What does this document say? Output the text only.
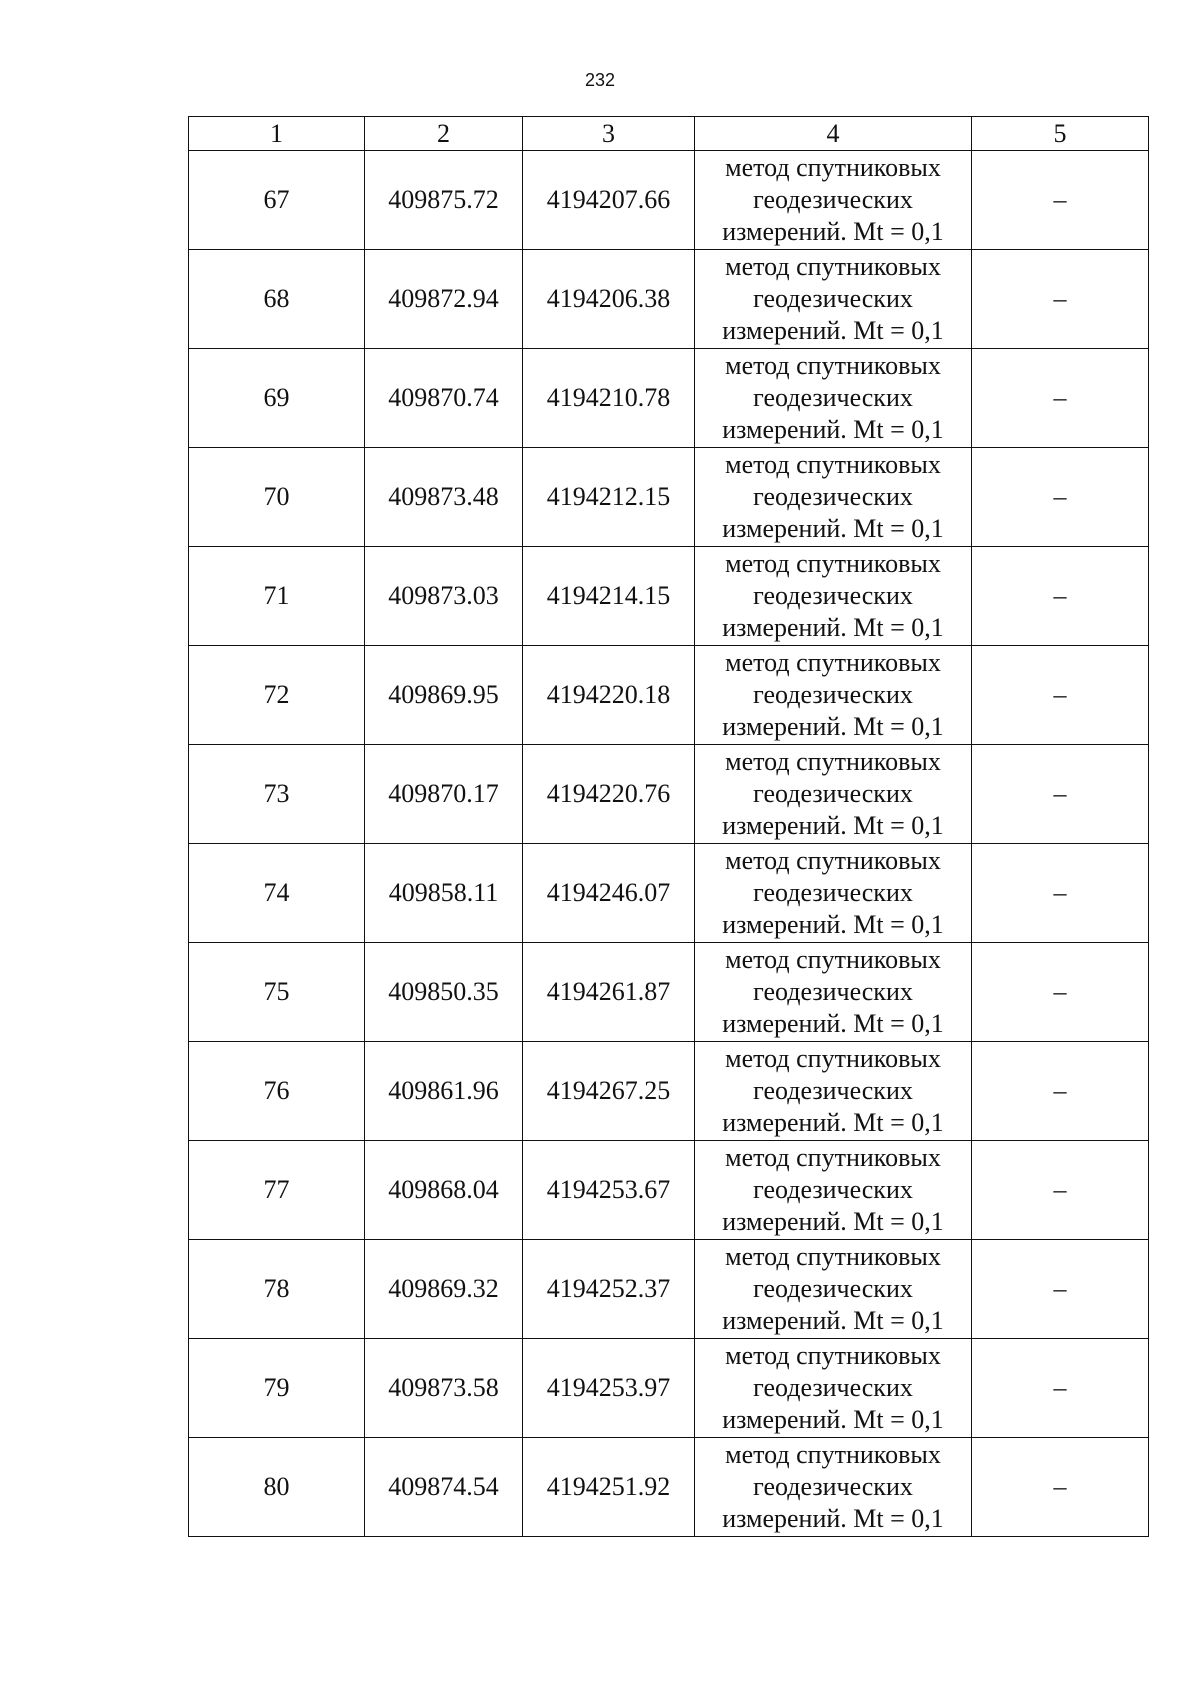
232
1	2	3	4	5
67	409875.72	4194207.66	метод спутниковых
геодезических
измерений. Mt = 0,1	–
68	409872.94	4194206.38	метод спутниковых
геодезических
измерений. Mt = 0,1	–
69	409870.74	4194210.78	метод спутниковых
геодезических
измерений. Mt = 0,1	–
70	409873.48	4194212.15	метод спутниковых
геодезических
измерений. Mt = 0,1	–
71	409873.03	4194214.15	метод спутниковых
геодезических
измерений. Mt = 0,1	–
72	409869.95	4194220.18	метод спутниковых
геодезических
измерений. Mt = 0,1	–
73	409870.17	4194220.76	метод спутниковых
геодезических
измерений. Mt = 0,1	–
74	409858.11	4194246.07	метод спутниковых
геодезических
измерений. Mt = 0,1	–
75	409850.35	4194261.87	метод спутниковых
геодезических
измерений. Mt = 0,1	–
76	409861.96	4194267.25	метод спутниковых
геодезических
измерений. Mt = 0,1	–
77	409868.04	4194253.67	метод спутниковых
геодезических
измерений. Mt = 0,1	–
78	409869.32	4194252.37	метод спутниковых
геодезических
измерений. Mt = 0,1	–
79	409873.58	4194253.97	метод спутниковых
геодезических
измерений. Mt = 0,1	–
80	409874.54	4194251.92	метод спутниковых
геодезических
измерений. Mt = 0,1	–
